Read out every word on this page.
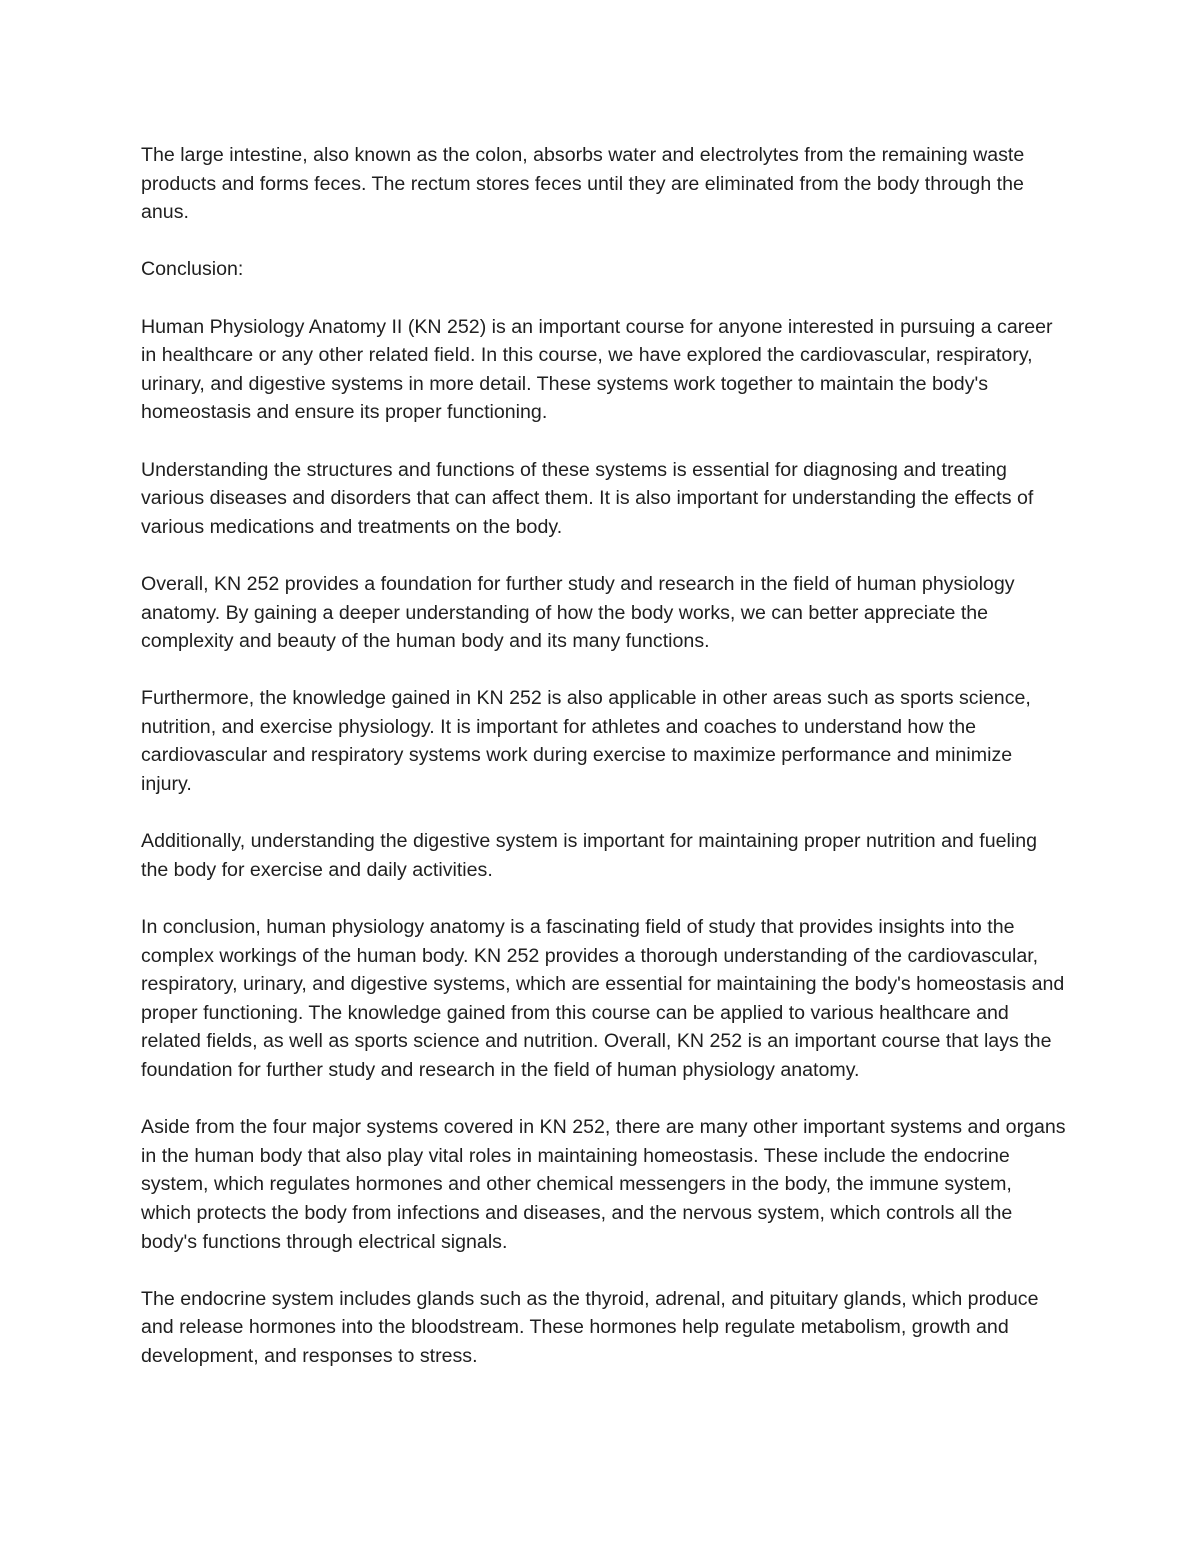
The large intestine, also known as the colon, absorbs water and electrolytes from the remaining waste products and forms feces. The rectum stores feces until they are eliminated from the body through the anus.

Conclusion:

Human Physiology Anatomy II (KN 252) is an important course for anyone interested in pursuing a career in healthcare or any other related field. In this course, we have explored the cardiovascular, respiratory, urinary, and digestive systems in more detail. These systems work together to maintain the body's homeostasis and ensure its proper functioning.

Understanding the structures and functions of these systems is essential for diagnosing and treating various diseases and disorders that can affect them. It is also important for understanding the effects of various medications and treatments on the body.

Overall, KN 252 provides a foundation for further study and research in the field of human physiology anatomy. By gaining a deeper understanding of how the body works, we can better appreciate the complexity and beauty of the human body and its many functions.

Furthermore, the knowledge gained in KN 252 is also applicable in other areas such as sports science, nutrition, and exercise physiology. It is important for athletes and coaches to understand how the cardiovascular and respiratory systems work during exercise to maximize performance and minimize injury.

Additionally, understanding the digestive system is important for maintaining proper nutrition and fueling the body for exercise and daily activities.

In conclusion, human physiology anatomy is a fascinating field of study that provides insights into the complex workings of the human body. KN 252 provides a thorough understanding of the cardiovascular, respiratory, urinary, and digestive systems, which are essential for maintaining the body's homeostasis and proper functioning. The knowledge gained from this course can be applied to various healthcare and related fields, as well as sports science and nutrition. Overall, KN 252 is an important course that lays the foundation for further study and research in the field of human physiology anatomy.

Aside from the four major systems covered in KN 252, there are many other important systems and organs in the human body that also play vital roles in maintaining homeostasis. These include the endocrine system, which regulates hormones and other chemical messengers in the body, the immune system, which protects the body from infections and diseases, and the nervous system, which controls all the body's functions through electrical signals.

The endocrine system includes glands such as the thyroid, adrenal, and pituitary glands, which produce and release hormones into the bloodstream. These hormones help regulate metabolism, growth and development, and responses to stress.
